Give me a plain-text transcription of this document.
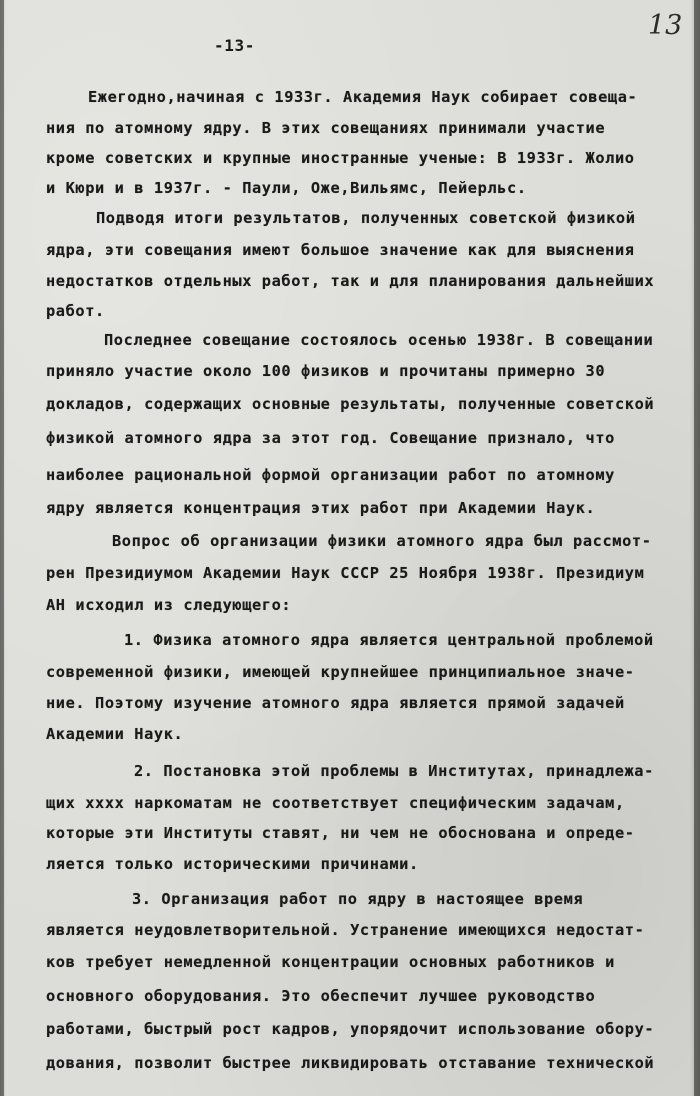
-13-
13
Ежегодно,начиная с 1933г. Академия Наук собирает совеща-
ния по атомному ядру. В этих совещаниях принимали участие
кроме советских и крупные иностранные ученые: В 1933г. Жолио
и Кюри и в 1937г. - Паули, Оже,Вильямс, Пейерльс.
Подводя итоги результатов, полученных советской физикой
ядра, эти совещания имеют большое значение как для выяснения
недостатков отдельных работ, так и для планирования дальнейших
работ.
Последнее совещание состоялось осенью 1938г. В совещании
приняло участие около 100 физиков и прочитаны примерно 30
докладов, содержащих основные результаты, полученные советской
физикой атомного ядра за этот год. Совещание признало, что
наиболее рациональной формой организации работ по атомному
ядру является концентрация этих работ при Академии Наук.
Вопрос об организации физики атомного ядра был рассмот-
рен Президиумом Академии Наук СССР 25 Ноября 1938г. Президиум
АН исходил из следующего:
1. Физика атомного ядра является центральной проблемой
современной физики, имеющей крупнейшее принципиальное значе-
ние. Поэтому изучение атомного ядра является прямой задачей
Академии Наук.
2. Постановка этой проблемы в Институтах, принадлежа-
щих хххх наркоматам не соответствует специфическим задачам,
которые эти Институты ставят, ни чем не обоснована и опреде-
ляется только историческими причинами.
3. Организация работ по ядру в настоящее время
является неудовлетворительной. Устранение имеющихся недостат-
ков требует немедленной концентрации основных работников и
основного оборудования. Это обеспечит лучшее руководство
работами, быстрый рост кадров, упорядочит использование обору-
дования, позволит быстрее ликвидировать отставание технической
